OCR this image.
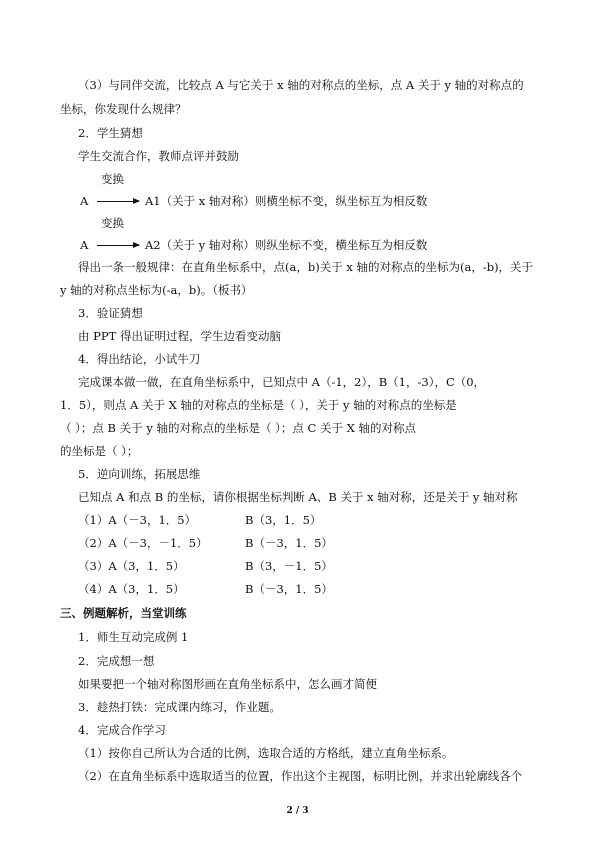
（3）与同伴交流，比较点 A 与它关于 x 轴的对称点的坐标，点 A 关于 y 轴的对称点的
坐标，你发现什么规律？
2．学生猜想
学生交流合作，教师点评并鼓励
变换
A	A1（关于 x 轴对称）则横坐标不变，纵坐标互为相反数
变换
A	A2（关于 y 轴对称）则纵坐标不变，横坐标互为相反数
得出一条一般规律：在直角坐标系中，点(a，b)关于 x 轴的对称点的坐标为(a，-b)，关于
y 轴的对称点坐标为(-a，b)。（板书）
3．验证猜想
由 PPT 得出证明过程，学生边看变动脑
4．得出结论，小试牛刀
完成课本做一做，在直角坐标系中，已知点中 A（-1，2），B（1，-3），C（0，
1．5），则点 A 关于 X 轴的对称点的坐标是（ ），关于 y 轴的对称点的坐标是
（ ）；点 B 关于 y 轴的对称点的坐标是（ ）；点 C 关于 X 轴的对称点
的坐标是（ ）；
5．逆向训练，拓展思维
已知点 A 和点 B 的坐标，请你根据坐标判断 A、B 关于 x 轴对称，还是关于 y 轴对称
（1）A（－3，1．5）	B（3，1．5）
（2）A（－3，－1．5）	B（－3，1．5）
（3）A（3，1．5）	B（3，－1．5）
（4）A（3，1．5）	B（－3，1．5）
三、例题解析，当堂训练
1．师生互动完成例 1
2．完成想一想
如果要把一个轴对称图形画在直角坐标系中，怎么画才简便
3．趁热打铁：完成课内练习，作业题。
4．完成合作学习
（1）按你自己所认为合适的比例，选取合适的方格纸，建立直角坐标系。
（2）在直角坐标系中选取适当的位置，作出这个主视图，标明比例，并求出轮廓线各个
2 / 3
